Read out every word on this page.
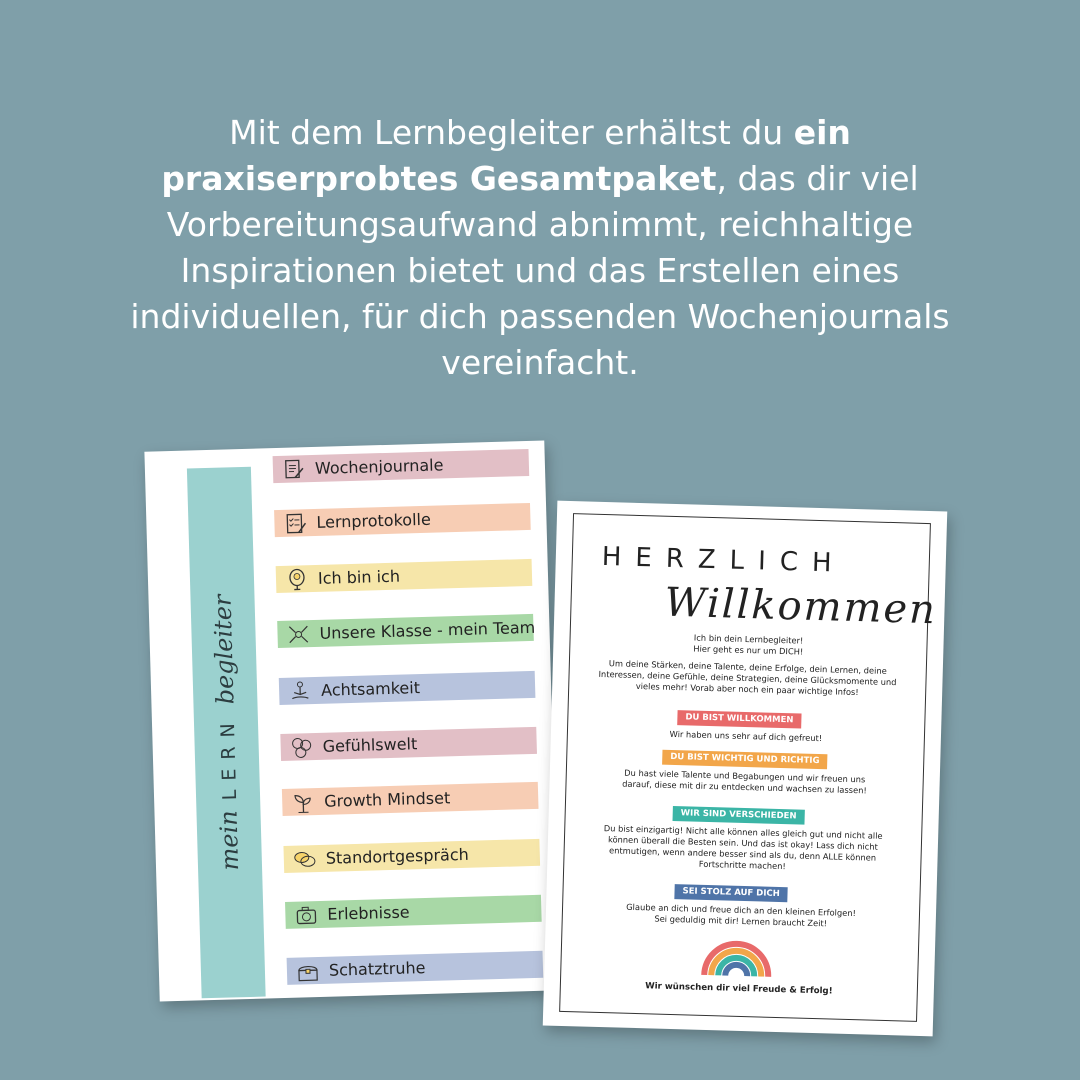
Mit dem Lernbegleiter erhältst du ein praxiserprobtes Gesamtpaket, das dir viel Vorbereitungsaufwand abnimmt, reichhaltige Inspirationen bietet und das Erstellen eines individuellen, für dich passenden Wochenjournals vereinfacht.
mein
LERN
begleiter
Wochenjournale
Lernprotokolle
Ich bin ich
Unsere Klasse - mein Team
Achtsamkeit
Gefühlswelt
Growth Mindset
Standortgespräch
Erlebnisse
Schatztruhe
HERZLICH
Willkommen
Ich bin dein Lernbegleiter!
Hier geht es nur um DICH!
Um deine Stärken, deine Talente, deine Erfolge, dein Lernen, deine Interessen, deine Gefühle, deine Strategien, deine Glücksmomente und vieles mehr! Vorab aber noch ein paar wichtige Infos!
DU BIST WILLKOMMEN
Wir haben uns sehr auf dich gefreut!
DU BIST WICHTIG UND RICHTIG
Du hast viele Talente und Begabungen und wir freuen uns darauf, diese mit dir zu entdecken und wachsen zu lassen!
WIR SIND VERSCHIEDEN
Du bist einzigartig! Nicht alle können alles gleich gut und nicht alle können überall die Besten sein. Und das ist okay! Lass dich nicht entmutigen, wenn andere besser sind als du, denn ALLE können Fortschritte machen!
SEI STOLZ AUF DICH
Glaube an dich und freue dich an den kleinen Erfolgen!
Sei geduldig mit dir! Lernen braucht Zeit!
Wir wünschen dir viel Freude & Erfolg!
